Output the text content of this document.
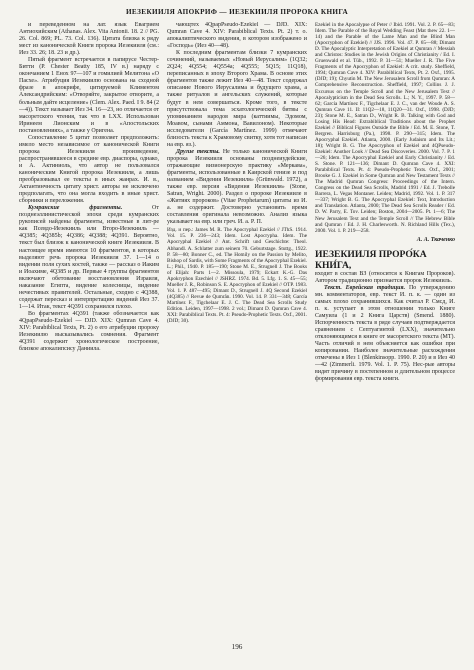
ИЕЗЕКИИЛЯ АПОКРИФ — ИЕЗЕКИИЛЯ ПРОРОКА КНИГА

и переведенном на лат. язык Евагрием Антиохийским (Athanas. Alex. Vita Antonii. 18. 2 // PG. 26. Col. 869; PL. 73. Col. 136). Цитата близка к ряду мест из канонической Книги пророка Иезекииля (см.: Иез 33. 26; 18. 23 и др.).

Пятый фрагмент встречается в папирусе Честер-Битти (P. Chester Beatty 185, IV в.) наряду с окончанием 1 Енох 97—107 и гомилией Мелитона «О Пасхе». Атрибуция Иезекиилю основана на сходной фразе в апокрифе, цитируемой Климентом Александрийским: «Отворяйте, закрытое отворите, а больным дайте исцеление» (Clem. Alex. Paed. I 9. 84 (2—4)). Текст называет Иез 34. 16—23, но отличается от масоретского чтения, так что в LXX. Использован Иринеем Лионским и в «Апостольских постановлениях», а также у Оригена.

Сопоставление 5 цитат позволяет предположить: имело место независимое от канонической Книги пророка Иезекииля произведение, распространявшееся в средине евр. диаспоры, однако, и А. Актиниоль, что автор не пользовался каноническим Книгой пророка Иезекииля, а лишь преобразовывал ее тексты в иных жанрах. И. в., Актантинчность цитату христ. авторы не исключено предполагать, что она могла входить в иные христ. сборники и переложения.

Кумранские фрагменты. От позднеэллинистической эпохи среди кумранских рукописей найдены фрагменты, известные в лит-ре как Псевдо-Иезекииль или Второ-Иезекииль — 4Q385; 4Q385b; 4Q386; 4Q388; 4Q391. Вероятно, текст был близок к канонической книге Иезекииля. В настоящее время имеются 10 фрагментов, в которых выделяют речь пророка Иезекииля 37. 1—14 о видении поля сухих костей, также — рассказ о Иаким и Иоахиме, 4Q385 и др. Первые 4 группы фрагментов включают обетование восстановления Израиля, наказание Египта, видение колесницы, видение нечестивых правителей. Остальные, сходно с 4Q388, содержат пересказ и интерпретацию видений Иез 37. 1—14. Итак, текст 4Q391 сохранился плохо.

Во фрагментах 4Q391 (также обозначается как 4QpapPseudo-Ezekiel — DJD. XIX: Qumran Cave 4. XIV: Parabiblical Texts, Pt. 2) о его атрибуции пророку Иезекиилю высказывались сомнения. Фрагмент 4Q391 содержит хронологическое построение, близкое апокалипсису Даниила.

чающтех 4QpapPseudo-Ezekiel — DJD. XIX: Qumran Cave 4. XIV: Parabiblical Texts. Pt. 2) т. о. апокалиптического видения, в котором изображено и «Господь» (Иез 40—48).

К последним фрагментам близки 7 кумранских сочинений, называемых «Новый Иерусалим» (1Q32; 2Q24; 4Q554; 4Q554a; 4Q555; 5Q15; 11Q18), переписанных в эпоху Второго Храма. В основе этих фрагментов также лежит Иез 40—48. Текст содержал описание Нового Иерусалима и будущего храма, а также ритуалов и ангельских служений, которые будут в нем совершаться. Кроме того, в тексте присутствовала тема эсхатологической битвы с упоминанием народов мира (каттиимы, Эдомом, Моавом, сынами Аммона, Вавилоном). Некоторые исследователи (García Martínez. 1999) отмечают близость текста к Храмовому свитку, хотя тот написан на евр. яз.).

Другие тексты. Не только канонической Книги пророка Иезекииля основаны позднеиудейские, отражающие визионерскую практику «Меркава», фрагменты, использованные в Каирской генизе и под названием «Видения Иезекииля» (Grünwald. 1972), а также евр. версия «Видения Иезекииля» (Stone, Satran, Wright. 2000). Раздел о пророке Иезекииле в «Житиях пророков» (Vitae Prophetarum) цитаты из И. а. не содержит. Достоверно установить время составления оригинала невозможно. Анализ языка указывает на евр. или греч. И. а. Р. П.

Изд. и пер.: James M. R. The Apocryphal Ezekiel // JThS. 1914. Vol. 15. P. 236—243; Idem. Lost Apocrypha. Idem. The Apocryphal Ezekiel // Ant. Schrift und Geschichte: Theol. Abhandl. A. Schlatter zum seinem 70. Geburtstage. Stuttg., 1922. P. 58—80; Bonner C., ed. The Homily on the Passion by Melito, Bishop of Sardis, with Some Fragments of the Apocryphal Ezekiel. L.; Phil., 1940. P. 185—190; Stone M. E., Strugnell J. The Books of Elijah: Parts 1—2. Missoula, 1979; Eckart K.-G. Das Apokryphon Ezechiel // JSHRZ. 1974. Bd. 5. Lfg. 1. S. 45—55; Mueller J. R., Robinson S. E. Apocryphon of Ezekiel // OTP. 1983. Vol. 1. P. 487—495; Dimant D., Strugnell J. 4Q Second Ezekiel (4Q385) // Revue de Qumrân. 1990. Vol. 14. P. 331—348; García Martínez F., Tigchelaar E. J. C. The Dead Sea Scrolls Study Edition. Leiden, 1997—1998. 2 vol.; Dimant D. Qumran Cave 4. XXI: Parabiblical Texts. Pt. 4: Pseudo-Prophetic Texts. Oxf., 2001. (DJD; 30).
Ezekiel in the Apocalypse of Peter // Ibid. 1991. Vol. 2. P. 65—83; Idem. The Parable of the Royal Wedding Feast (Mat thew 22. 1—14) and the Parable of the Lame Man and the Blind Man (Apocryphon of Ezekiel) // JJS. 1996. Vol. 47. P. 65—88; Dimant D. The Apocalyptic Interpretation of Ezekiel at Qumran // Messiah and Christos: Studies in the Jewish Origins of Christianity / Ed. I. Gruenwald et al. Tüb., 1992. P. 31—51; Mueller J. R. The Five Fragments of the Apocryphon of Ezekiel: A crit. study. Sheffield, 1994; Qumran Cave 4. XIV: Parabiblical Texts, Pt. 2. Oxf., 1995. (DJD; 19); Chyutin M. The New Jerusalem Scroll from Qumran: A Comprehensive Reconstruction. Sheffield, 1997; Collins J. J. Excursus on the Temple Scroll and the New Jerusalem Text // Apocalypticism in the Dead Sea Scrolls. L.; N. Y., 1997. P. 58—62; García Martínez F., Tigchelaar E. J. C., van der Woude A. S. Qumran Cave 11. II: 11Q2—18, 11Q20—31. Oxf., 1998. (DJD; 23); Stone M. E., Satran D., Wright R. B. Talking with God and Losing His Head: Extrabiblical Traditions about the Prophet Ezekiel // Biblical Figures Outside the Bible / Ed. M. E. Stone, T. Bergren. Harrisburg (Pa.), 1998. P. 290—315; Idem. The Apocryphal Ezekiel. Atlanta, 2000. (Early Judaism and Its Lit.; 18); Wright B. G. The Apocryphon of Ezekiel and 4QPseudo-Ezekiel: Another Look // Dead Sea Discoveries. 2000. Vol. 7. P. 1—26; Idem. The Apocryphal Ezekiel and Early Christianity / Ed. S. Stone. P. 121—136; Dimant D. Qumran Cave 4. XXI: Parabiblical Texts. Pt. 4: Pseudo-Prophetic Texts. Oxf., 2001; Brooke G. J. Ezekiel in Some Qumran and New Testament Texts // The Madrid Qumran Congress: Proceedings of the Intern. Congress on the Dead Sea Scrolls, Madrid 1991 / Ed. J. Trebolle Barrera, L. Vegas Montaner. Leiden; Madrid, 1992. Vol. 1. P. 317—337; Wright B. G. The Apocryphal Ezekiel: Text, Introduction and Translation. Atlanta, 2000; The Dead Sea Scrolls Reader / Ed. D. W. Parry, E. Tov. Leiden; Boston, 2004—2005. Pt. 1—6; The New Jerusalem Text and the Temple Scroll // The Hebrew Bible and Qumran / Ed. J. H. Charlesworth. N. Richland Hills (Tex.), 2000. Vol. 1. P. 219—258.
А. А. Ткаченко
ИЕЗЕКИИЛЯ ПРОРО́КА КНИ́ГА,

входит в состав ВЗ (относится к Книгам Пророков). Автором традиционно признается пророк Иезекииль.

Текст. Еврейская традиция. По утверждению мн. комментаторов, евр. текст И. п. к. — один из самых плохо сохранившихся. Как считал Р. Смсд, И. п. к. уступает в этом отношении только Книге Самуила (1 и 2 Книга Царств) (Smend. 1880). Испорченность текста в ряде случаев подтверждается сравнением с Септуагинтой (LXX), значительно отклоняющимся в книге от масоретского текста (МТ). Часть отличий в нем объясняется как ошибки при копировании. Наиболее значительные расхождения отмечены в Иез 1 (Blenkinsopp. 1990. P. 20) и в Иез 40—42 (Zimmerli. 1979. Vol. 1. P. 75). Нес-рые авторы видят причину в постепенном и длительном процессе формирования евр. текста книги.

196
